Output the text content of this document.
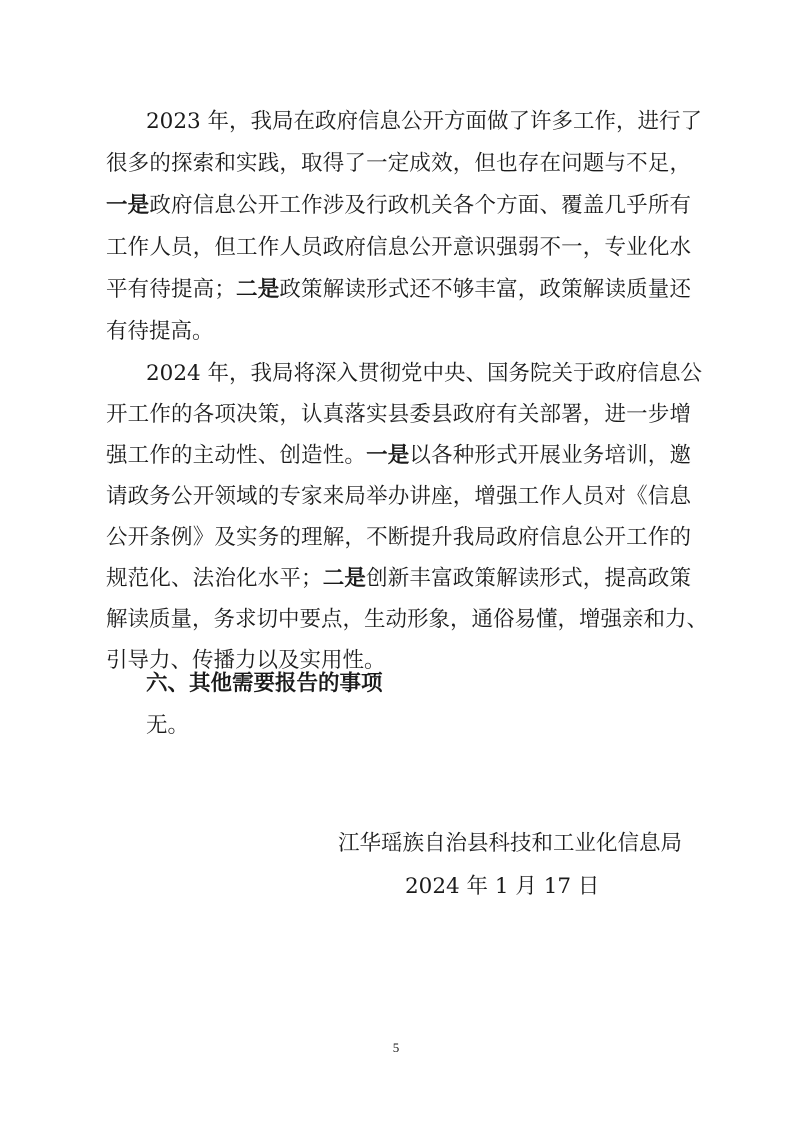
2023 年，我局在政府信息公开方面做了许多工作，进行了
很多的探索和实践，取得了一定成效，但也存在问题与不足，
一是政府信息公开工作涉及行政机关各个方面、覆盖几乎所有
工作人员，但工作人员政府信息公开意识强弱不一，专业化水
平有待提高；二是政策解读形式还不够丰富，政策解读质量还
有待提高。
2024 年，我局将深入贯彻党中央、国务院关于政府信息公
开工作的各项决策，认真落实县委县政府有关部署，进一步增
强工作的主动性、创造性。一是以各种形式开展业务培训，邀
请政务公开领域的专家来局举办讲座，增强工作人员对《信息
公开条例》及实务的理解，不断提升我局政府信息公开工作的
规范化、法治化水平；二是创新丰富政策解读形式，提高政策
解读质量，务求切中要点，生动形象，通俗易懂，增强亲和力、
六、其他需要报告的事项
无。
江华瑶族自治县科技和工业化信息局
2024 年 1 月 17 日
5
引导力、传播力以及实用性。
